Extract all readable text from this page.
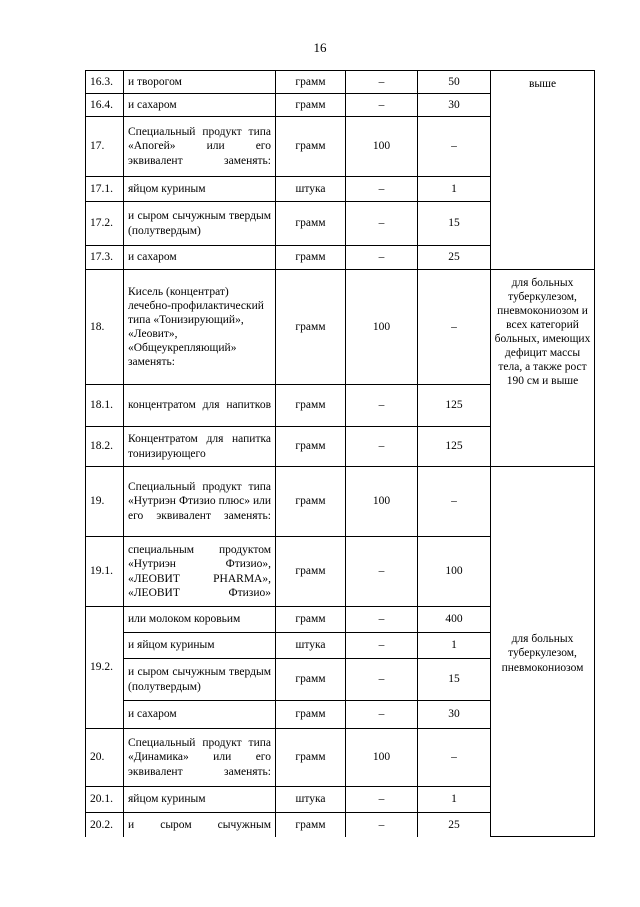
16
16.3.	и творогом	грамм	–	50	выше
16.4.	и сахаром	грамм	–	30	
17.	Специальный продукт типа «Апогей» или его эквивалент заменять:	грамм	100	–	
17.1.	яйцом куриным	штука	–	1	
17.2.	и сыром сычужным твердым (полутвердым)	грамм	–	15	
17.3.	и сахаром	грамм	–	25	
18.	Кисель (концентрат) лечебно-профилактический типа «Тонизирующий», «Леовит», «Общеукрепляющий» заменять:	грамм	100	–	для больных туберкулезом, пневмокониозом и всех категорий больных, имеющих дефицит массы тела, а также рост 190 см и выше
18.1.	концентратом для напитков	грамм	–	125	
18.2.	Концентратом для напитка тонизирующего	грамм	–	125	
19.	Специальный продукт типа «Нутриэн Фтизио плюс» или его эквивалент заменять:	грамм	100	–	для больных туберкулезом, пневмокониозом
19.1.	специальным продуктом «Нутриэн Фтизио», «ЛЕОВИТ PHARMA», «ЛЕОВИТ Фтизио»	грамм	–	100	
19.2.	или молоком коровьим	грамм	–	400	
	и яйцом куриным	штука	–	1	
	и сыром сычужным твердым (полутвердым)	грамм	–	15	
	и сахаром	грамм	–	30	
20.	Специальный продукт типа «Динамика» или его эквивалент заменять:	грамм	100	–	
20.1.	яйцом куриным	штука	–	1	
20.2.	и сыром сычужным	грамм	–	25	
